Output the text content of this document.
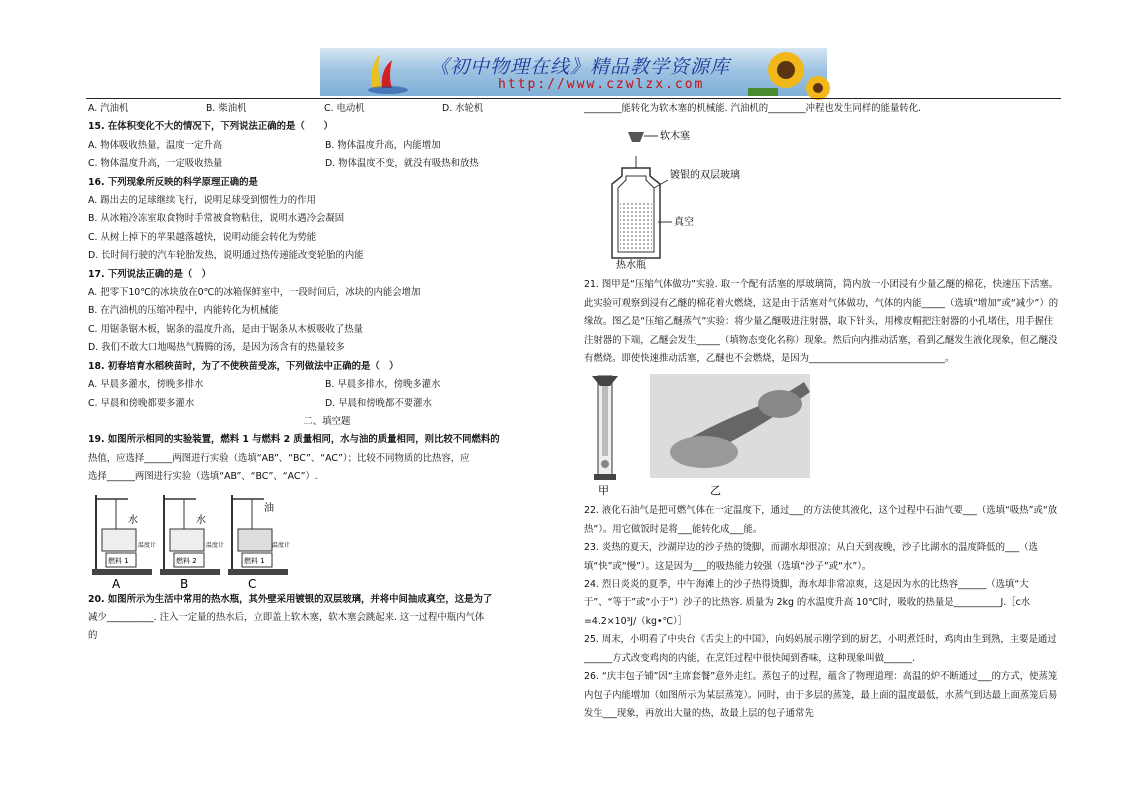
《初中物理在线》精品教学资源库
http://www.czwlzx.com

A. 汽油机	B. 柴油机	C. 电动机	D. 水轮机

15. 在体积变化不大的情况下，下列说法正确的是（　　）

A. 物体吸收热量，温度一定升高	B. 物体温度升高，内能增加

C. 物体温度升高，一定吸收热量	D. 物体温度不变，就没有吸热和放热

16. 下列现象所反映的科学原理正确的是

A. 踢出去的足球继续飞行，说明足球受到惯性力的作用

B. 从冰箱冷冻室取食物时手常被食物粘住，说明水遇冷会凝固

C. 从树上掉下的苹果越落越快，说明动能会转化为势能

D. 长时间行驶的汽车轮胎发热，说明通过热传递能改变轮胎的内能

17. 下列说法正确的是（　）

A. 把零下10℃的冰块放在0℃的冰箱保鲜室中，一段时间后，冰块的内能会增加

B. 在汽油机的压缩冲程中，内能转化为机械能

C. 用锯条锯木板，锯条的温度升高，是由于锯条从木板吸收了热量

D. 我们不敢大口地喝热气腾腾的汤，是因为汤含有的热量较多

18. 初春培育水稻秧苗时，为了不使秧苗受冻，下列做法中正确的是（　）

A. 早晨多灌水，傍晚多排水	B. 早晨多排水，傍晚多灌水

C. 早晨和傍晚都要多灌水	D. 早晨和傍晚都不要灌水

二、填空题

19. 如图所示相同的实验装置，燃料 1 与燃料 2 质量相同，水与油的质量相同，则比较不同燃料的

热值，应选择______两图进行实验（选填“AB”、“BC”、“AC”）；比较不同物质的比热容，应

选择______两图进行实验（选填“AB”、“BC”、“AC”）.

水
温度计
燃料 1
A
水
温度计
燃料 2
B
油
温度计
燃料 1
C

20. 如图所示为生活中常用的热水瓶，其外壁采用镀银的双层玻璃，并将中间抽成真空，这是为了

减少__________. 注入一定量的热水后，立即盖上软木塞，软木塞会跳起来. 这一过程中瓶内气体

的

________能转化为软木塞的机械能. 汽油机的________冲程也发生同样的能量转化.

软木塞
镀银的双层玻璃
真空
热水瓶

21. 图甲是“压缩气体做功”实验. 取一个配有活塞的厚玻璃筒，筒内放一小团浸有少量乙醚的棉花，快速压下活塞。此实验可观察到浸有乙醚的棉花着火燃烧，这是由于活塞对气体做功，气体的内能_____（选填“增加”或“减少”）的缘故。图乙是“压缩乙醚蒸气”实验：将少量乙醚吸进注射器，取下针头，用橡皮帽把注射器的小孔堵住，用手握住注射器的下端，乙醚会发生_____（填物态变化名称）现象。然后向内推动活塞，看到乙醚发生液化现象，但乙醚没有燃烧。即使快速推动活塞，乙醚也不会燃烧，是因为_____________________________。

甲	乙

22. 液化石油气是把可燃气体在一定温度下，通过___的方法使其液化，这个过程中石油气要___（选填“吸热”或“放热”）。用它做饭时是将___能转化成___能。

23. 炎热的夏天，沙湖岸边的沙子热的烫脚，而湖水却很凉；从白天到夜晚，沙子比湖水的温度降低的___（选填“快”或“慢”）。这是因为___的吸热能力较强（选填“沙子”或“水”）。

24. 烈日炎炎的夏季，中午海滩上的沙子热得烫脚，海水却非常凉爽，这是因为水的比热容______（选填“大于”、“等于”或“小于”）沙子的比热容. 质量为 2kg 的水温度升高 10℃时，吸收的热量是__________J.［c水=4.2×10³J/（kg•℃）］

25. 周末，小明看了中央台《舌尖上的中国》，向妈妈展示刚学到的厨艺，小明煮饪时，鸡肉由生到熟，主要是通过______方式改变鸡肉的内能，在烹饪过程中很快闻到香味，这种现象叫做______.

26. “庆丰包子铺”因“主席套餐”意外走红。蒸包子的过程，蕴含了物理道理：高温的炉不断通过___的方式，使蒸笼内包子内能增加（如图所示为某层蒸笼）。同时，由于多层的蒸笼，最上面的温度最低，水蒸气到达最上面蒸笼后易发生___现象，再放出大量的热，故最上层的包子通常先
